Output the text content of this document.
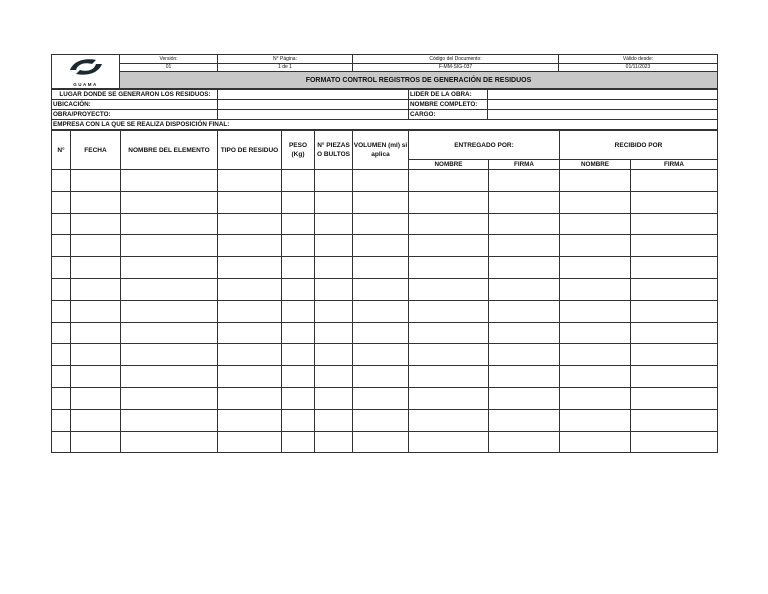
GUAMA	Versión:	N° Página:	Código del Documento:	Válido desde:
	01	1 de 1	F-MM-SIG-037	01/11/2023
	FORMATO CONTROL REGISTROS DE GENERACIÓN DE RESIDUOS			
LUGAR DONDE SE GENERARON LOS RESIDUOS:		LIDER DE LA OBRA:	
UBICACIÓN:		NOMBRE COMPLETO:	
OBRA/PROYECTO:		CARGO:	
EMPRESA CON LA QUE SE REALIZA DISPOSICIÓN FINAL:			
N°	FECHA	NOMBRE DEL ELEMENTO	TIPO DE RESIDUO	PESO (Kg)	N° PIEZAS O BULTOS	VOLUMEN (ml) si aplica	ENTREGADO POR:		RECIBIDO POR	
							NOMBRE	FIRMA	NOMBRE	FIRMA
